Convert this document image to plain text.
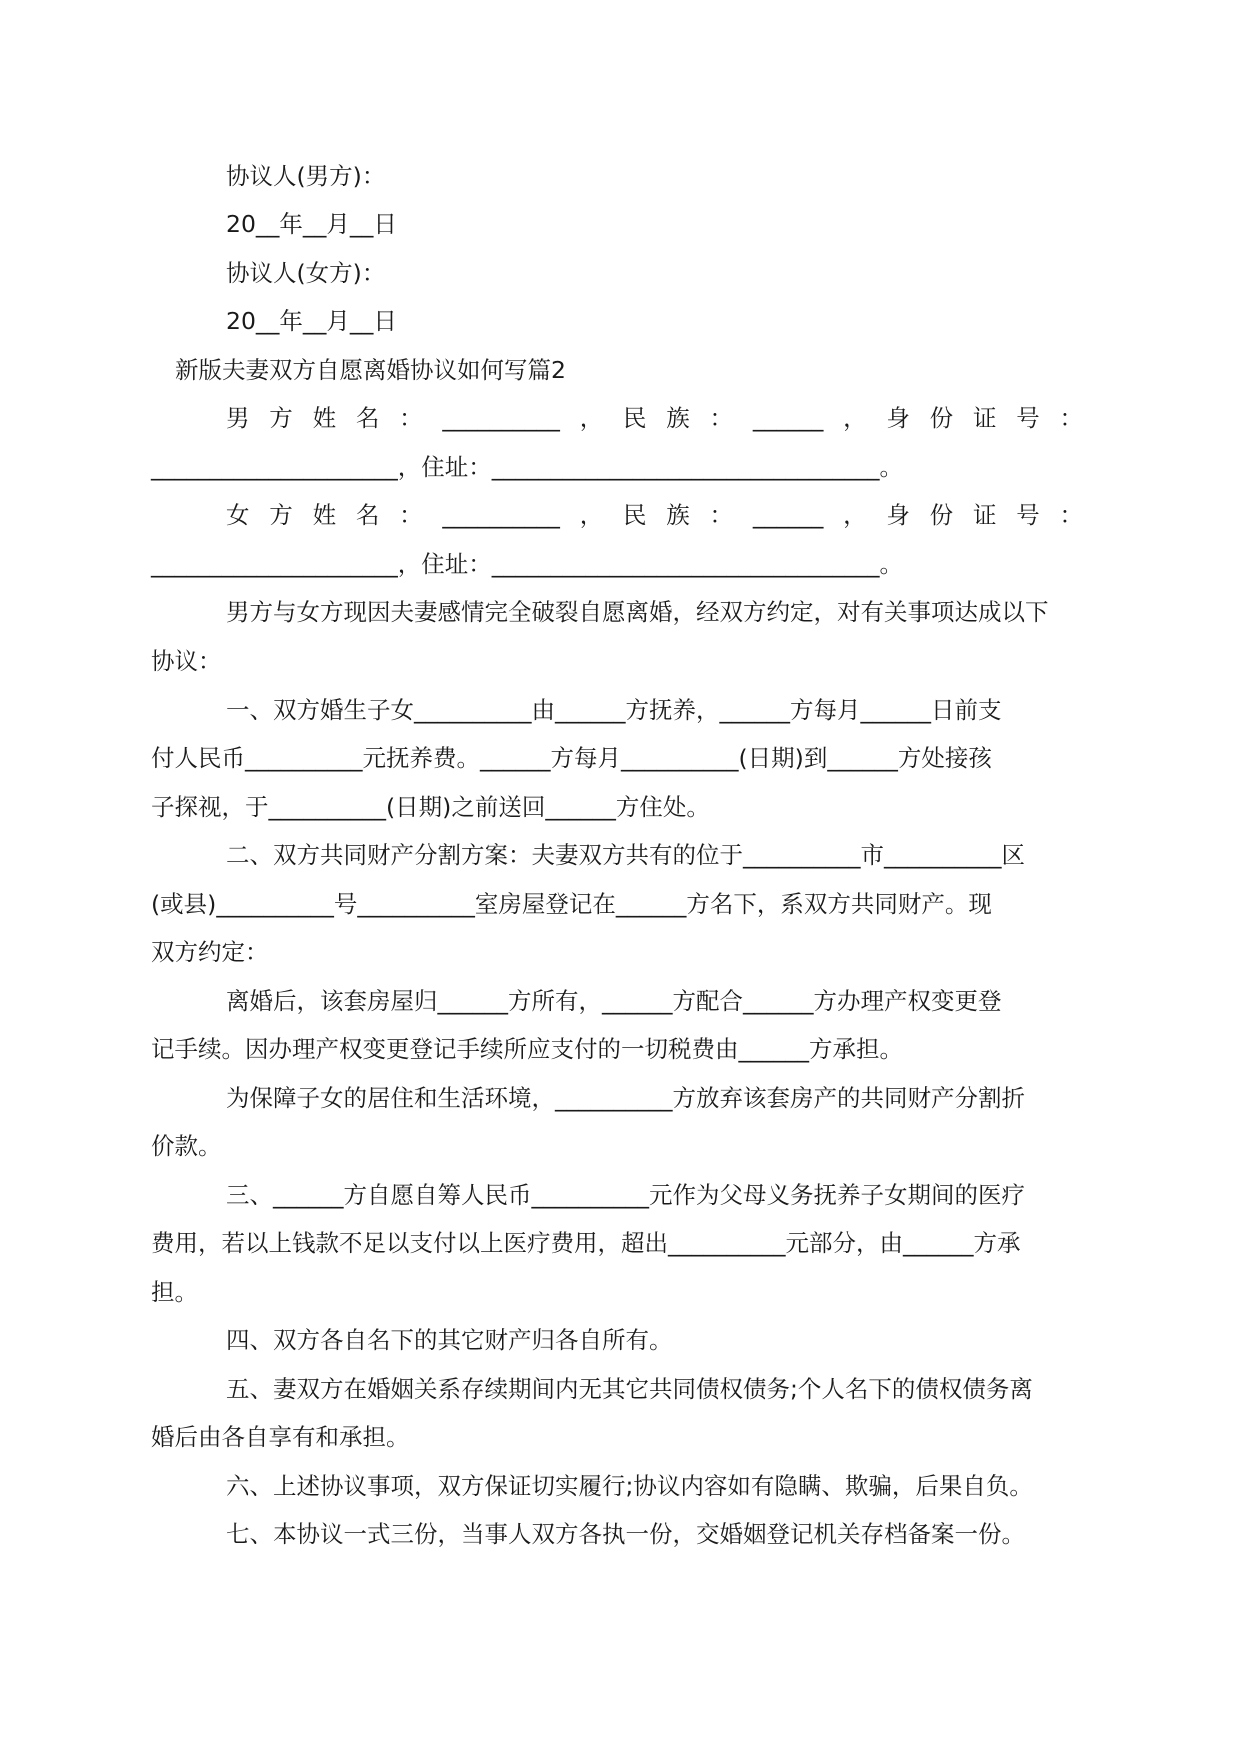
协议人(男方)：

20__年__月__日

协议人(女方)：

20__年__月__日

新版夫妻双方自愿离婚协议如何写篇2

男 方 姓 名 ： __________ ， 民 族 ： ______ ， 身 份 证 号 ：

_____________________，住址：_________________________________。

女 方 姓 名 ： __________ ， 民 族 ： ______ ， 身 份 证 号 ：

_____________________，住址：_________________________________。

男方与女方现因夫妻感情完全破裂自愿离婚，经双方约定，对有关事项达成以下

协议：

一、双方婚生子女__________由______方抚养，______方每月______日前支

付人民币__________元抚养费。______方每月__________(日期)到______方处接孩

子探视，于__________(日期)之前送回______方住处。

二、双方共同财产分割方案：夫妻双方共有的位于__________市__________区

(或县)__________号__________室房屋登记在______方名下，系双方共同财产。现

双方约定：

离婚后，该套房屋归______方所有，______方配合______方办理产权变更登

记手续。因办理产权变更登记手续所应支付的一切税费由______方承担。

为保障子女的居住和生活环境，__________方放弃该套房产的共同财产分割折

价款。

三、______方自愿自筹人民币__________元作为父母义务抚养子女期间的医疗

费用，若以上钱款不足以支付以上医疗费用，超出__________元部分，由______方承

担。

四、双方各自名下的其它财产归各自所有。

五、妻双方在婚姻关系存续期间内无其它共同债权债务;个人名下的债权债务离

婚后由各自享有和承担。

六、上述协议事项，双方保证切实履行;协议内容如有隐瞒、欺骗，后果自负。

七、本协议一式三份，当事人双方各执一份，交婚姻登记机关存档备案一份。
